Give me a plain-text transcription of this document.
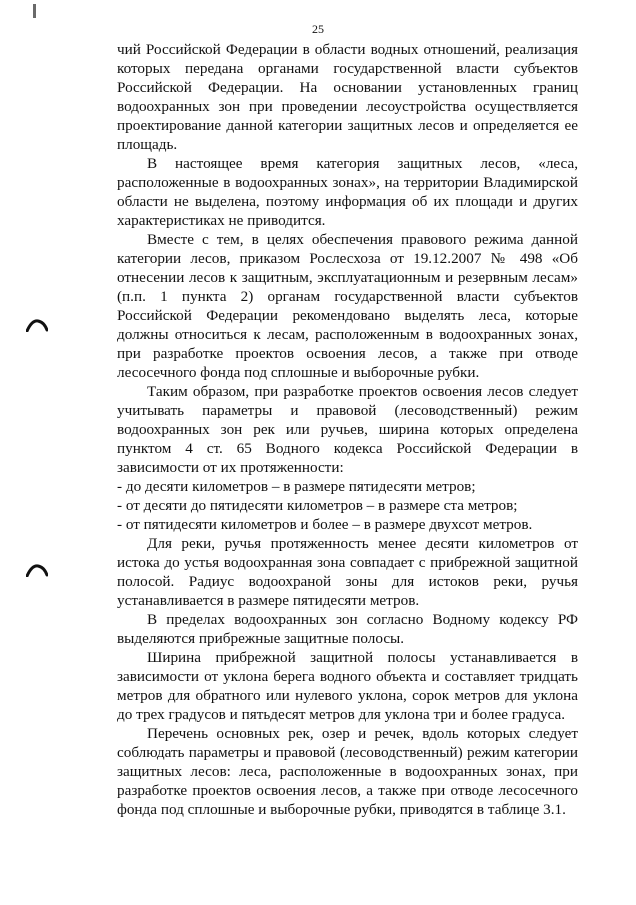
25

чий Российской Федерации в области водных отношений, реализация которых передана органами государственной власти субъектов Российской Федерации. На основании установленных границ водоохранных зон при проведении лесоустройства осуществляется проектирование данной категории защитных лесов и определяется ее площадь.

В настоящее время категория защитных лесов, «леса, расположенные в водоохранных зонах», на территории Владимирской области не выделена, поэтому информация об их площади и других характеристиках не приводится.

Вместе с тем, в целях обеспечения правового режима данной категории лесов, приказом Рослесхоза от 19.12.2007 № 498 «Об отнесении лесов к защитным, эксплуатационным и резервным лесам» (п.п. 1 пункта 2) органам государственной власти субъектов Российской Федерации рекомендовано выделять леса, которые должны относиться к лесам, расположенным в водоохранных зонах, при разработке проектов освоения лесов, а также при отводе лесосечного фонда под сплошные и выборочные рубки.

Таким образом, при разработке проектов освоения лесов следует учитывать параметры и правовой (лесоводственный) режим водоохранных зон рек или ручьев, ширина которых определена пунктом 4 ст. 65 Водного кодекса Российской Федерации в зависимости от их протяженности:

- до десяти километров – в размере пятидесяти метров;

- от десяти до пятидесяти километров – в размере ста метров;

- от пятидесяти километров и более – в размере двухсот метров.

Для реки, ручья протяженность менее десяти километров от истока до устья водоохранная зона совпадает с прибрежной защитной полосой. Радиус водоохраной зоны для истоков реки, ручья устанавливается в размере пятидесяти метров.

В пределах водоохранных зон согласно Водному кодексу РФ выделяются прибрежные защитные полосы.

Ширина прибрежной защитной полосы устанавливается в зависимости от уклона берега водного объекта и составляет тридцать метров для обратного или нулевого уклона, сорок метров для уклона до трех градусов и пятьдесят метров для уклона три и более градуса.

Перечень основных рек, озер и речек, вдоль которых следует соблюдать параметры и правовой (лесоводственный) режим категории защитных лесов: леса, расположенные в водоохранных зонах, при разработке проектов освоения лесов, а также при отводе лесосечного фонда под сплошные и выборочные рубки, приводятся в таблице 3.1.
